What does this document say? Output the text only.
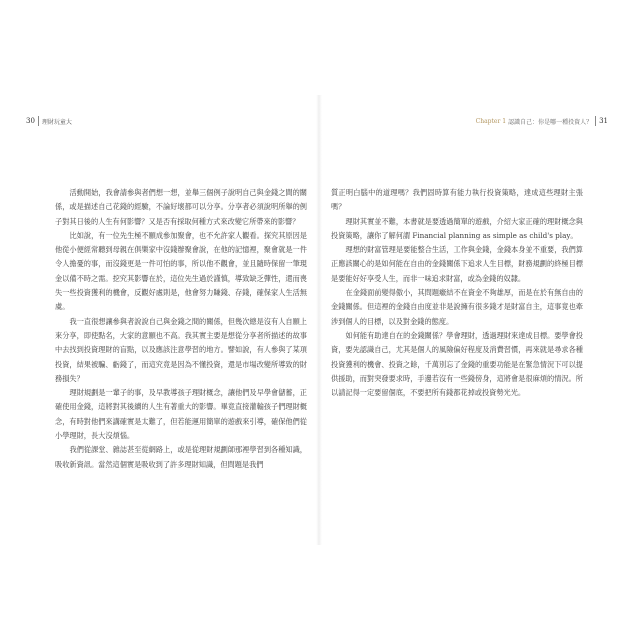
30 理財玩童大

活動開始，我會請參與者們想一想，並舉三個例子說明自己與金錢之間的關係，或是描述自己花錢的經驗，不論好壞都可以分享。分享者必須說明所舉的例子對其日後的人生有何影響？又是否有採取何種方式來改變它所帶來的影響？

比如說，有一位先生極不願成參加聚會，也不允許家人觀看。探究其原因是他從小便經常聽到母親在俱樂家中沒錢辦聚會說，在他的記憶裡，聚會就是一件令人擔憂的事，而沒錢更是一件可怕的事，所以他不觀會，並且隨時保留一筆現金以備不時之需。挖究其影響在於，這位先生過於謹慎，導致缺乏彈性，還而喪失一些投資獲利的機會，反觀好處則是，他會努力賺錢、存錢，確保家人生活無虞。

我一直很想讓參與者說說自己與金錢之間的關係，但幾次總是沒有人自願上來分享，即使點名，大家的意願也不高。我其實主要是想從分享者所描述的故事中去找到投資理財的盲點，以及應該注意學習的地方。譬如說，有人參與了某項投資，結果被騙、虧錢了，而這究竟是因為不懂投資，還是市場改變所導致的財務損失？

理財規劃是一輩子的事，及早教導孩子理財概念，讓他們及早學會儲蓄，正確使用金錢，這將對其後續的人生有著重大的影響。畢竟直接灌輸孩子們理財概念，有時對他們來講確實是太難了，但若能運用簡單的遊戲來引導，確保他們從小學理財，長大沒煩惱。

我們從課堂、雜誌甚至從網路上，或是從理財規劃師那裡學習到各種知識，吸收新資訊。當然這個實是吸收到了許多理財知識，但問題是我們

Chapter 1 認識自己：你是哪一種投資人？ 31

質正明白腦中的道理嗎？我們固時算有能力執行投資策略，達成這些理財主張嗎？

理財其實並不難，本書就是要透過簡單的遊戲，介紹大家正確的理財概念與投資策略，讓你了解何謂 Financial planning as simple as child's play。

理想的財富管理是要能整合生活，工作與金錢，金錢本身並不重要，我們算正應該關心的是如何能在自由的金錢關係下追求人生目標，財務規劃的終極目標是要能好好享受人生，而非一味追求財富，或為金錢的奴隸。

在金錢面前變得傲小，其問題癥結不在資金不夠雄厚，而是在於有無自由的金錢關係。但這裡的金錢自由度並非是說擁有很多錢才是財富自主，這事竟也牽涉到個人的目標，以及對金錢的態度。

如何能有助達自在的金錢關係？學會理財，透過理財來達成目標。要學會投資，要先認識自己，尤其是個人的風險偏好程度及消費習慣，再來就是尋求各種投資獲利的機會、投資之餘，千萬別忘了金錢的重要功能是在緊急情況下可以提供援助，而對突發要求時，手邊若沒有一些錢傍身，這將會是很麻煩的情況。所以請記得一定要留個底，不要把所有錢都花掉或投資勢光光。
